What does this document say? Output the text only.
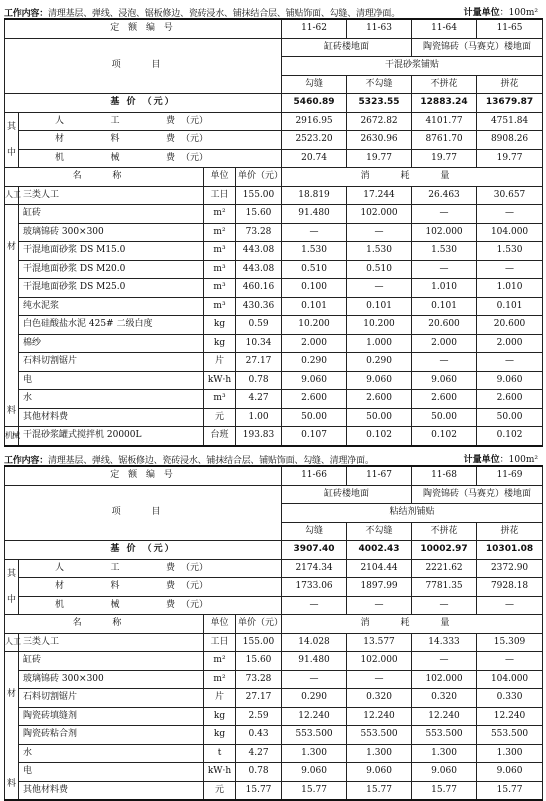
工作内容：清理基层、弹线、浸泡、锯板修边、瓷砖浸水、铺抹结合层、铺贴饰面、勾缝、清理净面。	计量单位：100m²
定 额 编 号				11-62	11-63	11-64	11-65
项 目				缸砖楼地面		陶瓷锦砖（马赛克）楼地面	
				干混砂浆铺贴			
				勾缝	不勾缝	不拼花	拼花
基 价 （元）				5460.89	5323.55	12883.24	13679.87

其
中	人工费 （元）			2916.95	2672.82	4101.77	4751.84
	材料费 （元）			2523.20	2630.96	8761.70	8908.26
	机械费 （元）			20.74	19.77	19.77	19.77
名 称		单位	单价（元）	消 耗 量			
人工	三类人工	工日	155.00	18.819	17.244	26.463	30.657

材
料	缸砖	m²	15.60	91.480	102.000	—	—
	玻璃锦砖 300×300	m²	73.28	—	—	102.000	104.000
	干混地面砂浆 DS M15.0	m³	443.08	1.530	1.530	1.530	1.530
	干混地面砂浆 DS M20.0	m³	443.08	0.510	0.510	—	—
	干混地面砂浆 DS M25.0	m³	460.16	0.100	—	1.010	1.010
	纯水泥浆	m³	430.36	0.101	0.101	0.101	0.101
	白色硅酸盐水泥 425# 二级白度	kg	0.59	10.200	10.200	20.600	20.600
	棉纱	kg	10.34	2.000	1.000	2.000	2.000
	石料切割锯片	片	27.17	0.290	0.290	—	—
	电	kW·h	0.78	9.060	9.060	9.060	9.060
	水	m³	4.27	2.600	2.600	2.600	2.600
	其他材料费	元	1.00	50.00	50.00	50.00	50.00
机械	干混砂浆罐式搅拌机 20000L	台班	193.83	0.107	0.102	0.102	0.102
工作内容：清理基层、弹线、锯板修边、瓷砖浸水、铺抹结合层、铺贴饰面、勾缝、清理净面。	计量单位：100m²
定 额 编 号				11-66	11-67	11-68	11-69
项 目				缸砖楼地面		陶瓷锦砖（马赛克）楼地面	
				粘结剂铺贴			
				勾缝	不勾缝	不拼花	拼花
基 价 （元）				3907.40	4002.43	10002.97	10301.08

其
中	人工费 （元）			2174.34	2104.44	2221.62	2372.90
	材料费 （元）			1733.06	1897.99	7781.35	7928.18
	机械费 （元）			—	—	—	—
名 称		单位	单价（元）	消 耗 量			
人工	三类人工	工日	155.00	14.028	13.577	14.333	15.309

材
料	缸砖	m²	15.60	91.480	102.000	—	—
	玻璃锦砖 300×300	m²	73.28	—	—	102.000	104.000
	石料切割锯片	片	27.17	0.290	0.320	0.320	0.330
	陶瓷砖填缝剂	kg	2.59	12.240	12.240	12.240	12.240
	陶瓷砖粘合剂	kg	0.43	553.500	553.500	553.500	553.500
	水	t	4.27	1.300	1.300	1.300	1.300
	电	kW·h	0.78	9.060	9.060	9.060	9.060
	其他材料费	元	15.77	15.77	15.77	15.77	15.77
